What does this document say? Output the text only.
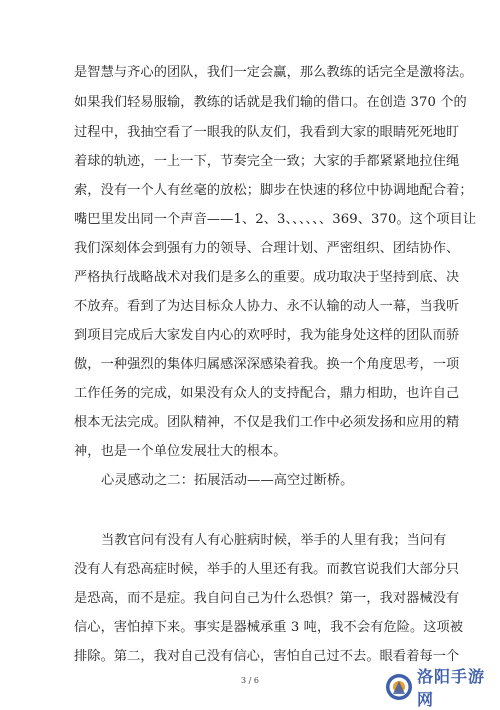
是智慧与齐心的团队，我们一定会赢，那么教练的话完全是激将法。
如果我们轻易服输，教练的话就是我们输的借口。在创造 370 个的
过程中，我抽空看了一眼我的队友们，我看到大家的眼睛死死地盯
着球的轨迹，一上一下，节奏完全一致；大家的手都紧紧地拉住绳
索，没有一个人有丝毫的放松；脚步在快速的移位中协调地配合着；
嘴巴里发出同一个声音——1、2、3、、、、、、369、370。这个项目让
我们深刻体会到强有力的领导、合理计划、严密组织、团结协作、
严格执行战略战术对我们是多么的重要。成功取决于坚持到底、决
不放弃。看到了为达目标众人协力、永不认输的动人一幕，当我听
到项目完成后大家发自内心的欢呼时，我为能身处这样的团队而骄
傲，一种强烈的集体归属感深深感染着我。换一个角度思考，一项
工作任务的完成，如果没有众人的支持配合，鼎力相助，也许自己
根本无法完成。团队精神，不仅是我们工作中必须发扬和应用的精
神，也是一个单位发展壮大的根本。
心灵感动之二：拓展活动——高空过断桥。
当教官问有没有人有心脏病时候，举手的人里有我；当问有
没有人有恐高症时候，举手的人里还有我。而教官说我们大部分只
是恐高，而不是症。我自问自己为什么恐惧？第一，我对器械没有
信心，害怕掉下来。事实是器械承重 3 吨，我不会有危险。这项被
排除。第二，我对自己没有信心，害怕自己过不去。眼看着每一个
3 / 6	洛阳手游网
